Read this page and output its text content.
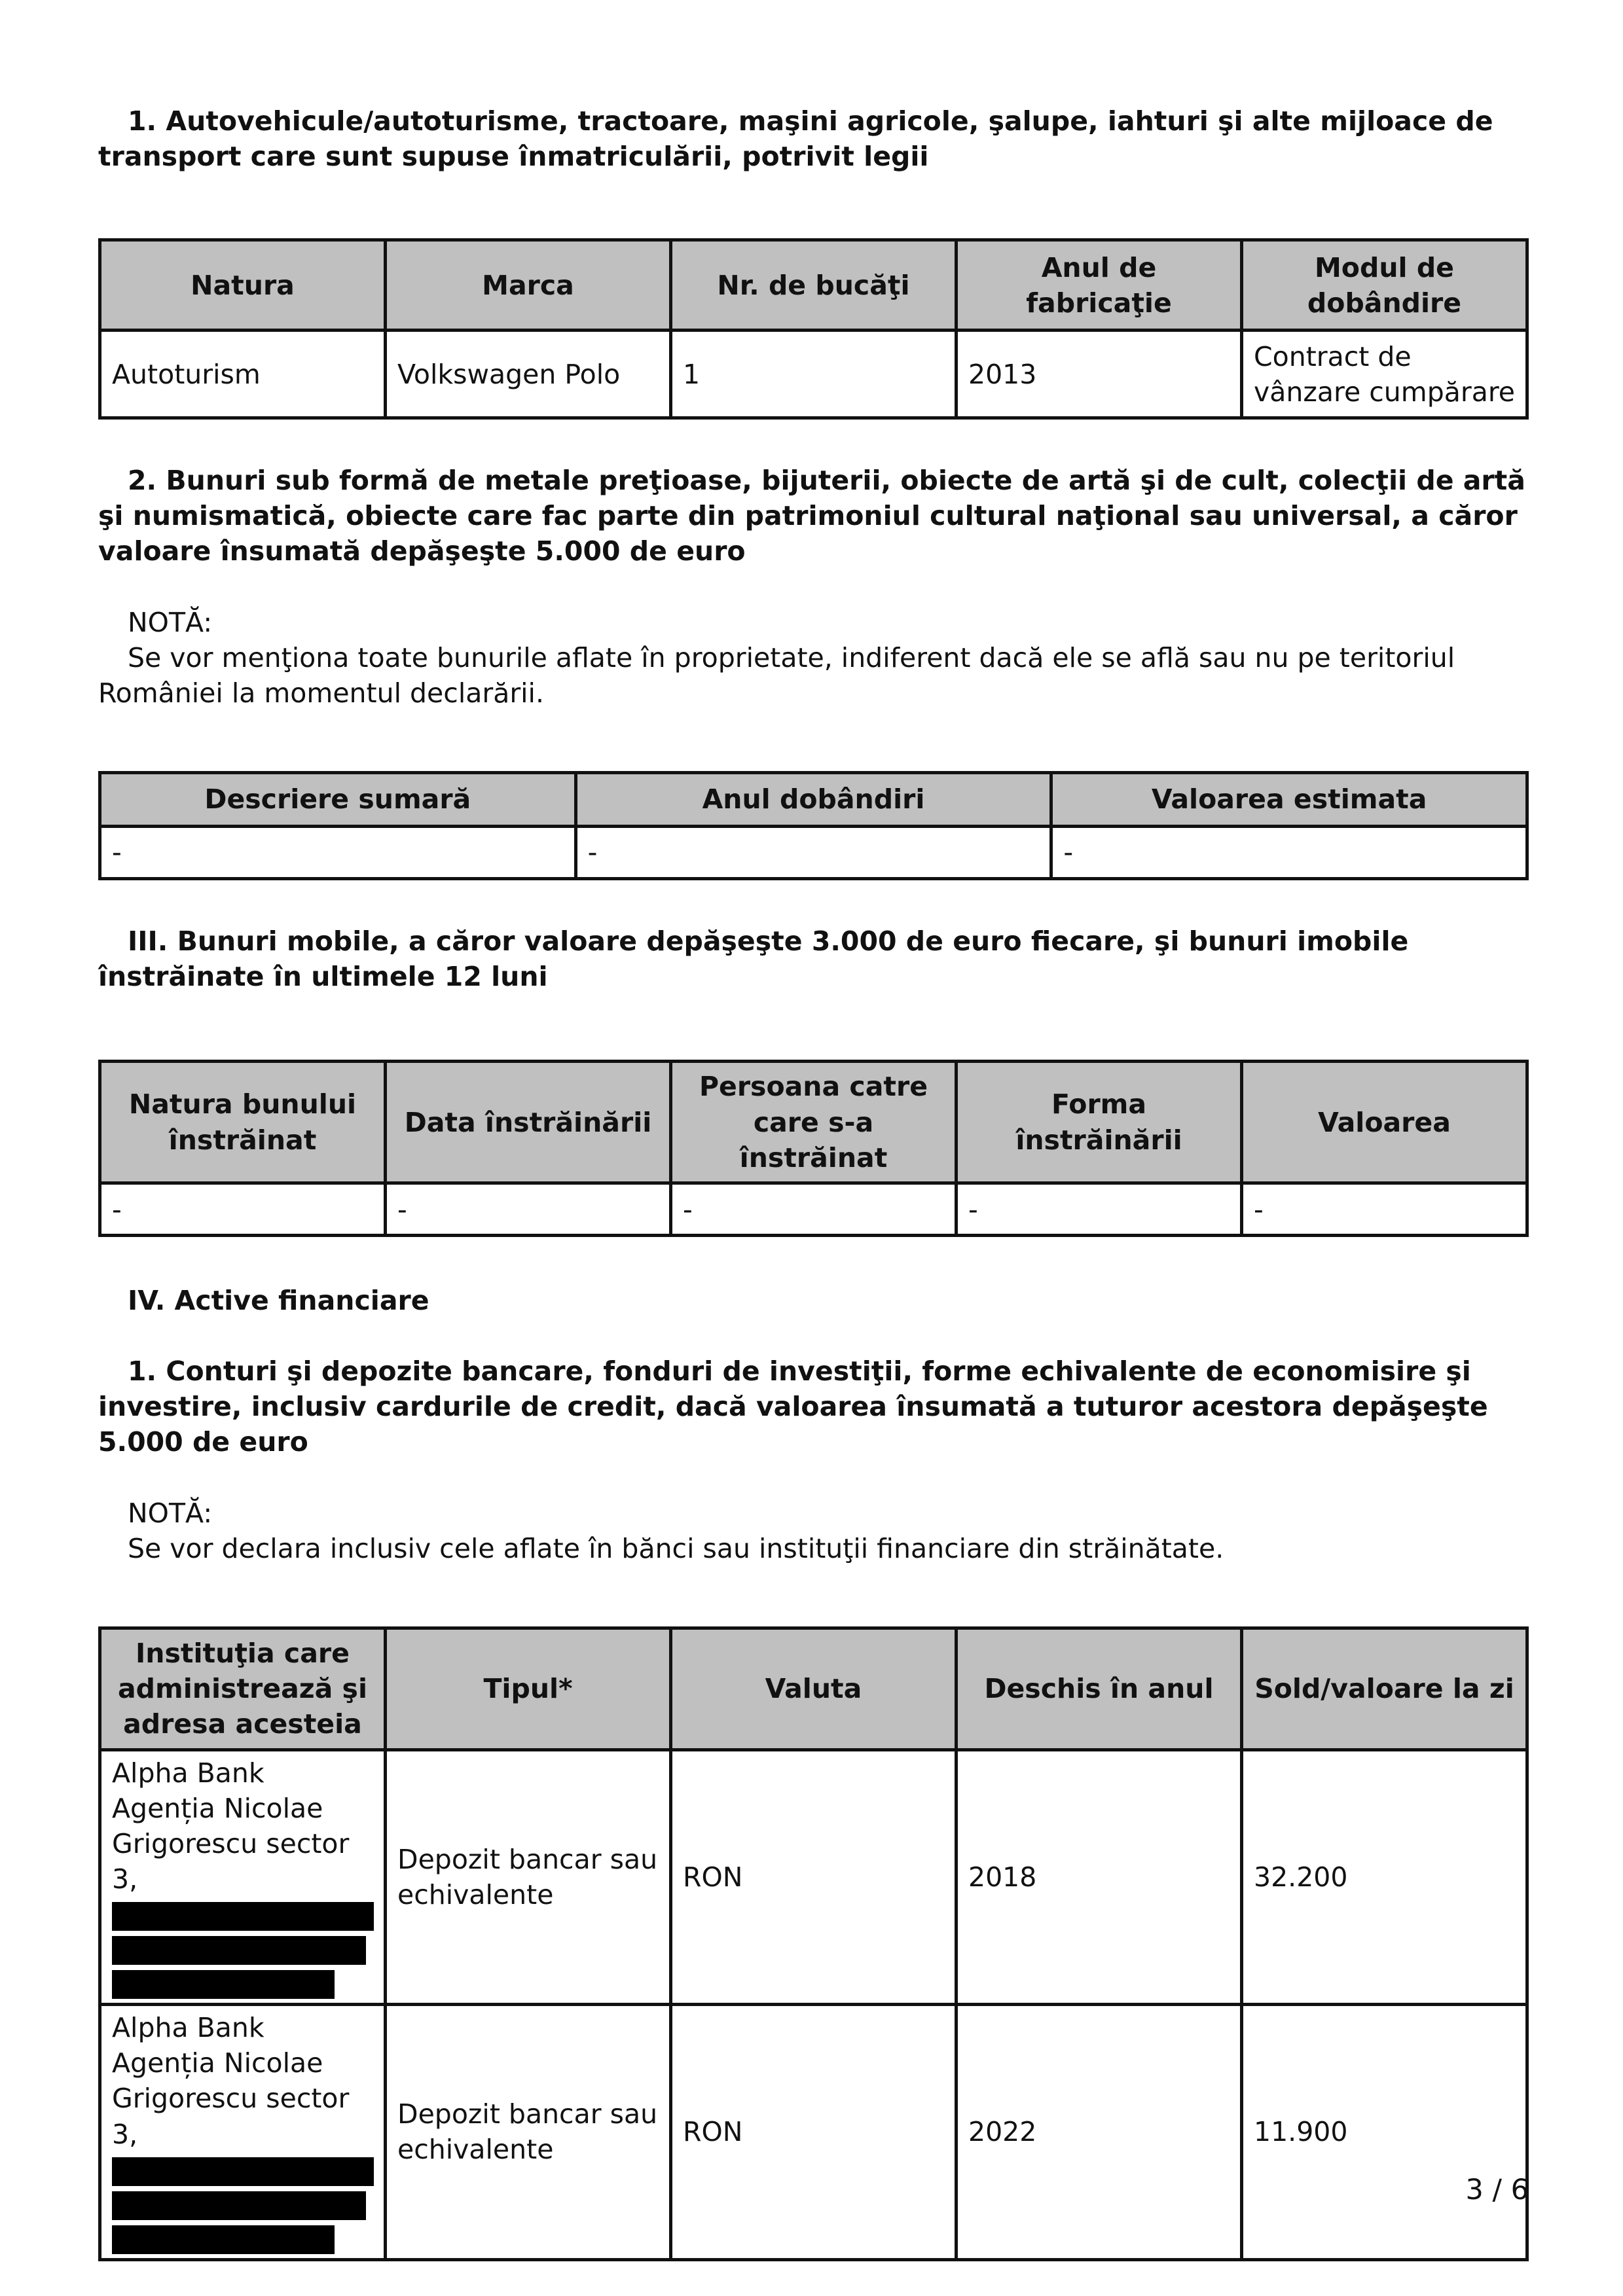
1. Autovehicule/autoturisme, tractoare, maşini agricole, şalupe, iahturi şi alte mijloace de transport care sunt supuse înmatriculării, potrivit legii

Natura	Marca	Nr. de bucăţi	Anul de fabricaţie	Modul de dobândire
Autoturism	Volkswagen Polo	1	2013	Contract de vânzare cumpărare

2. Bunuri sub formă de metale preţioase, bijuterii, obiecte de artă şi de cult, colecţii de artă şi numismatică, obiecte care fac parte din patrimoniul cultural naţional sau universal, a căror valoare însumată depăşeşte 5.000 de euro

NOTĂ:

Se vor menţiona toate bunurile aflate în proprietate, indiferent dacă ele se află sau nu pe teritoriul României la momentul declarării.

Descriere sumară	Anul dobândiri	Valoarea estimata
-	-	-

III. Bunuri mobile, a căror valoare depăşeşte 3.000 de euro fiecare, şi bunuri imobile înstrăinate în ultimele 12 luni

Natura bunului înstrăinat	Data înstrăinării	Persoana catre care s-a înstrăinat	Forma înstrăinării	Valoarea
-	-	-	-	-

IV. Active financiare

1. Conturi şi depozite bancare, fonduri de investiţii, forme echivalente de economisire şi investire, inclusiv cardurile de credit, dacă valoarea însumată a tuturor acestora depăşeşte 5.000 de euro

NOTĂ:

Se vor declara inclusiv cele aflate în bănci sau instituţii financiare din străinătate.

Instituţia care administrează şi adresa acesteia	Tipul*	Valuta	Deschis în anul	Sold/valoare la zi
Alpha Bank Agenția Nicolae Grigorescu sector 3,	Depozit bancar sau echivalente	RON	2018	32.200
Alpha Bank Agenția Nicolae Grigorescu sector 3,	Depozit bancar sau echivalente	RON	2022	11.900
3 / 6
